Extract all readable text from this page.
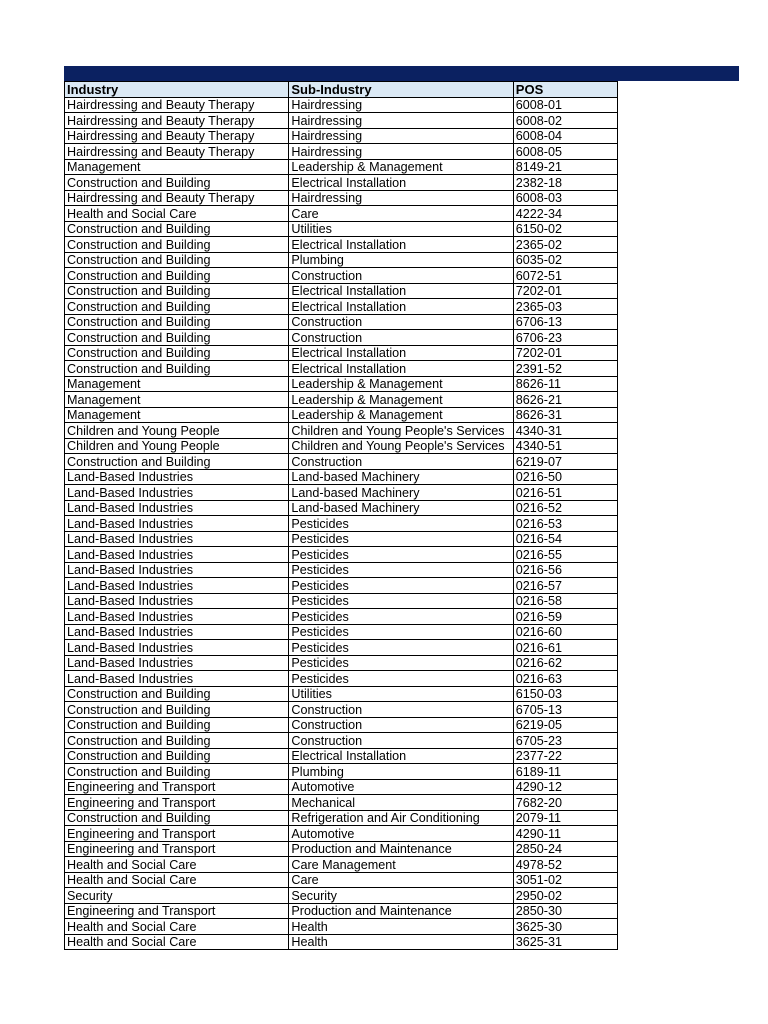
Industry	Sub-Industry	POS
Hairdressing and Beauty Therapy	Hairdressing	6008-01
Hairdressing and Beauty Therapy	Hairdressing	6008-02
Hairdressing and Beauty Therapy	Hairdressing	6008-04
Hairdressing and Beauty Therapy	Hairdressing	6008-05
Management	Leadership & Management	8149-21
Construction and Building	Electrical Installation	2382-18
Hairdressing and Beauty Therapy	Hairdressing	6008-03
Health and Social Care	Care	4222-34
Construction and Building	Utilities	6150-02
Construction and Building	Electrical Installation	2365-02
Construction and Building	Plumbing	6035-02
Construction and Building	Construction	6072-51
Construction and Building	Electrical Installation	7202-01
Construction and Building	Electrical Installation	2365-03
Construction and Building	Construction	6706-13
Construction and Building	Construction	6706-23
Construction and Building	Electrical Installation	7202-01
Construction and Building	Electrical Installation	2391-52
Management	Leadership & Management	8626-11
Management	Leadership & Management	8626-21
Management	Leadership & Management	8626-31
Children and Young People	Children and Young People's Services	4340-31
Children and Young People	Children and Young People's Services	4340-51
Construction and Building	Construction	6219-07
Land-Based Industries	Land-based Machinery	0216-50
Land-Based Industries	Land-based Machinery	0216-51
Land-Based Industries	Land-based Machinery	0216-52
Land-Based Industries	Pesticides	0216-53
Land-Based Industries	Pesticides	0216-54
Land-Based Industries	Pesticides	0216-55
Land-Based Industries	Pesticides	0216-56
Land-Based Industries	Pesticides	0216-57
Land-Based Industries	Pesticides	0216-58
Land-Based Industries	Pesticides	0216-59
Land-Based Industries	Pesticides	0216-60
Land-Based Industries	Pesticides	0216-61
Land-Based Industries	Pesticides	0216-62
Land-Based Industries	Pesticides	0216-63
Construction and Building	Utilities	6150-03
Construction and Building	Construction	6705-13
Construction and Building	Construction	6219-05
Construction and Building	Construction	6705-23
Construction and Building	Electrical Installation	2377-22
Construction and Building	Plumbing	6189-11
Engineering and Transport	Automotive	4290-12
Engineering and Transport	Mechanical	7682-20
Construction and Building	Refrigeration and Air Conditioning	2079-11
Engineering and Transport	Automotive	4290-11
Engineering and Transport	Production and Maintenance	2850-24
Health and Social Care	Care Management	4978-52
Health and Social Care	Care	3051-02
Security	Security	2950-02
Engineering and Transport	Production and Maintenance	2850-30
Health and Social Care	Health	3625-30
Health and Social Care	Health	3625-31
